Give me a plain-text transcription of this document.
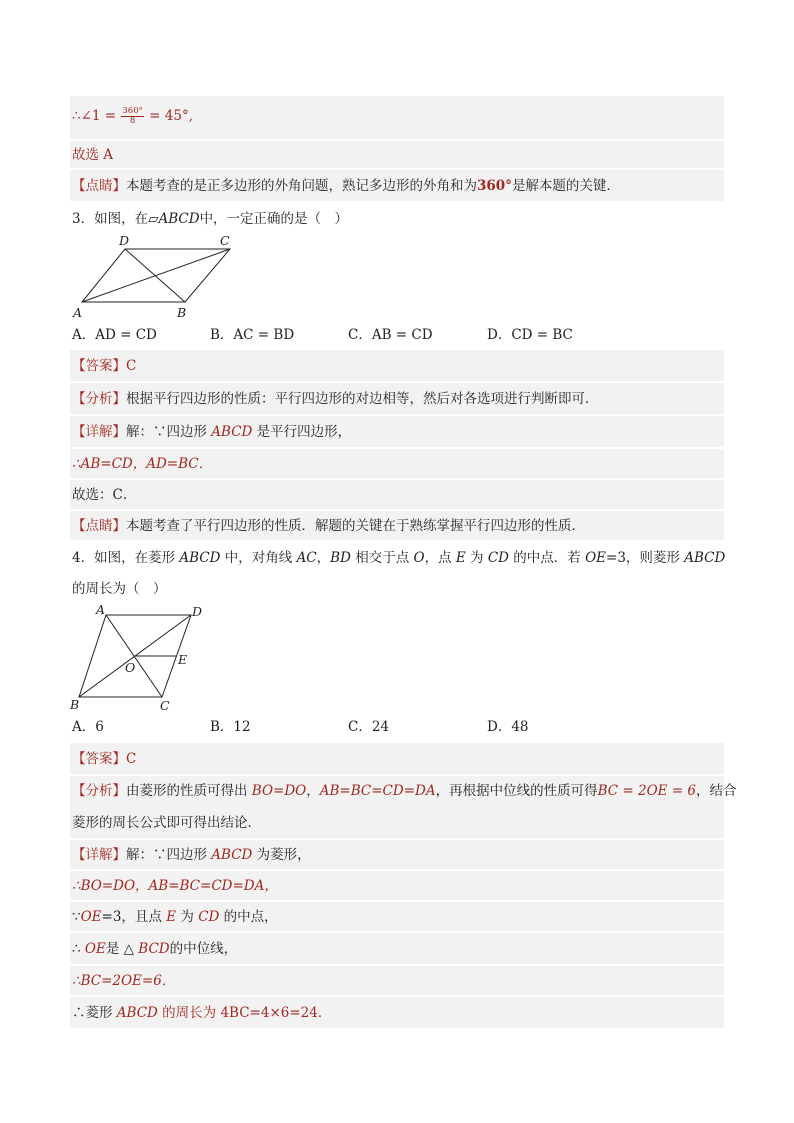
∴∠1 = $\frac{360^\circ}{8} = 45^\circ$,
故选 A
【点睛】本题考查的是正多边形的外角问题，熟记多边形的外角和为360°是解本题的关键．
3．如图，在▱ABCD中，一定正确的是（　）
A	B
C
D
A．AD = CD	B．AC = BD	C．AB = CD	D．CD = BC
【答案】C
【分析】根据平行四边形的性质：平行四边形的对边相等，然后对各选项进行判断即可．
【详解】解：∵四边形 ABCD 是平行四边形，
∴AB=CD，AD=BC．
故选：C．
【点睛】本题考查了平行四边形的性质．解题的关键在于熟练掌握平行四边形的性质．
4．如图，在菱形 ABCD 中，对角线 AC，BD 相交于点 O，点 E 为 CD 的中点．若 OE=3，则菱形 ABCD
的周长为（　）
A	D
E
O
B	C
A．6	B．12	C．24	D．48
【答案】C
【分析】由菱形的性质可得出 BO=DO，AB=BC=CD=DA，再根据中位线的性质可得BC = 2OE = 6，结合
菱形的周长公式即可得出结论．
【详解】解：∵四边形 ABCD 为菱形，
∴BO=DO，AB=BC=CD=DA，
∵OE=3，且点 E 为 CD 的中点，
∴ OE是 △ BCD的中位线，
∴BC=2OE=6．
∴菱形 ABCD 的周长为 4BC=4×6=24．
